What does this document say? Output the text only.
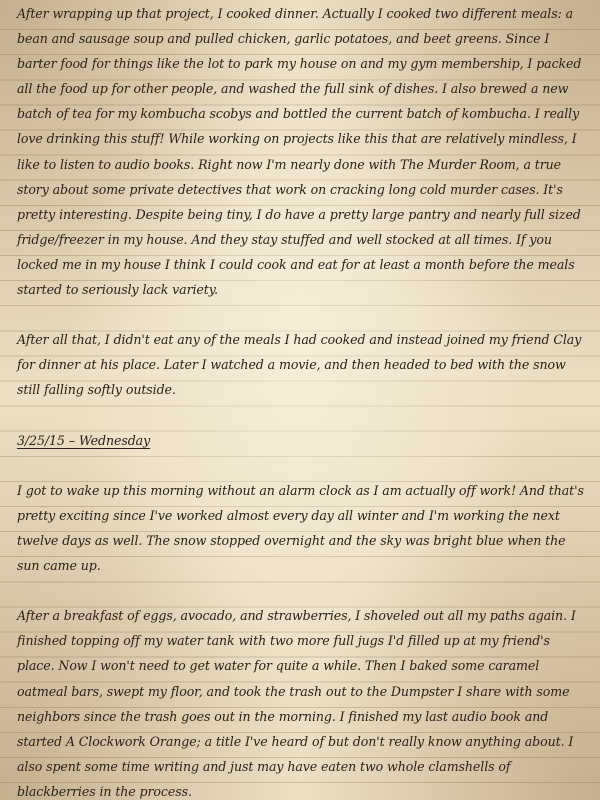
After wrapping up that project, I cooked dinner. Actually I cooked two different meals: a bean and sausage soup and pulled chicken, garlic potatoes, and beet greens. Since I barter food for things like the lot to park my house on and my gym membership, I packed all the food up for other people, and washed the full sink of dishes. I also brewed a new batch of tea for my kombucha scobys and bottled the current batch of kombucha. I really love drinking this stuff! While working on projects like this that are relatively mindless, I like to listen to audio books. Right now I'm nearly done with The Murder Room, a true story about some private detectives that work on cracking long cold murder cases. It's pretty interesting. Despite being tiny, I do have a pretty large pantry and nearly full sized fridge/freezer in my house. And they stay stuffed and well stocked at all times. If you locked me in my house I think I could cook and eat for at least a month before the meals started to seriously lack variety.

After all that, I didn't eat any of the meals I had cooked and instead joined my friend Clay for dinner at his place. Later I watched a movie, and then headed to bed with the snow still falling softly outside.

3/25/15 – Wednesday

I got to wake up this morning without an alarm clock as I am actually off work! And that's pretty exciting since I've worked almost every day all winter and I'm working the next twelve days as well. The snow stopped overnight and the sky was bright blue when the sun came up.

After a breakfast of eggs, avocado, and strawberries, I shoveled out all my paths again. I finished topping off my water tank with two more full jugs I'd filled up at my friend's place. Now I won't need to get water for quite a while. Then I baked some caramel oatmeal bars, swept my floor, and took the trash out to the Dumpster I share with some neighbors since the trash goes out in the morning. I finished my last audio book and started A Clockwork Orange; a title I've heard of but don't really know anything about. I also spent some time writing and just may have eaten two whole clamshells of blackberries in the process.
